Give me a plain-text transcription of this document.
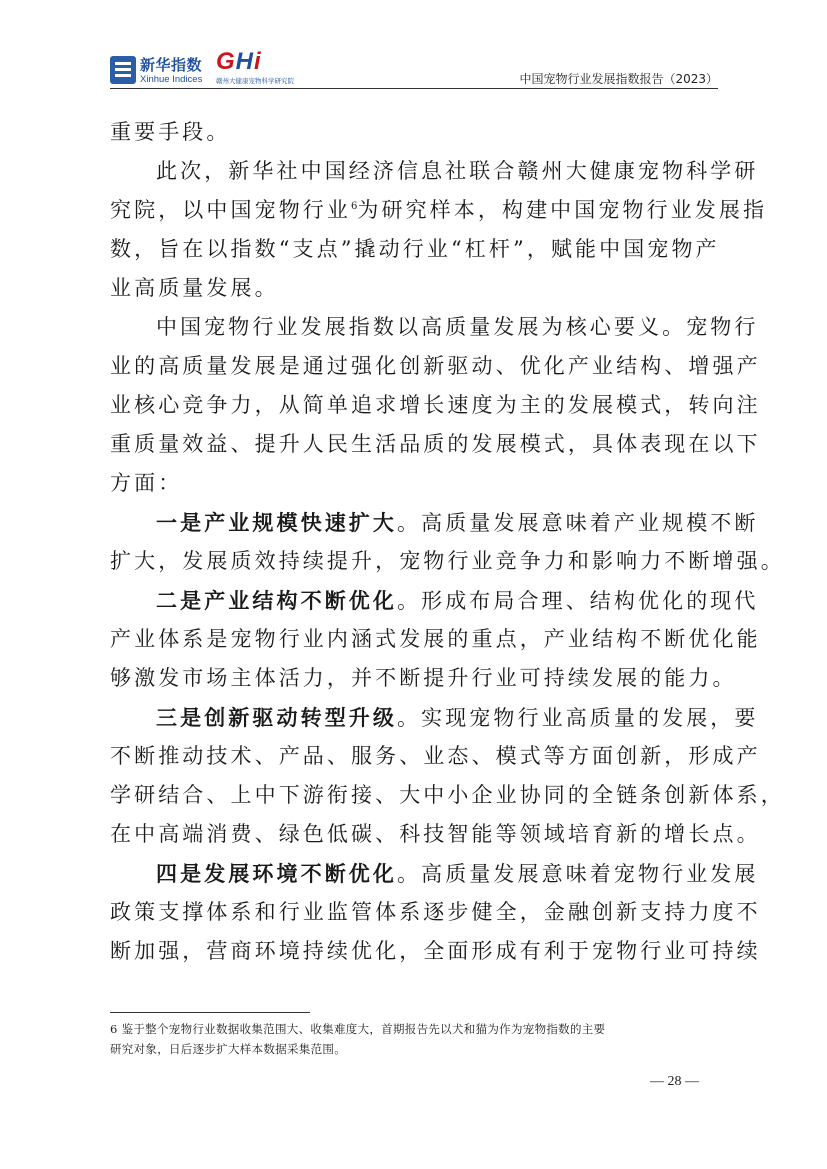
新华指数
Xinhue Indices
GHi
赣州大健康宠物科学研究院	中国宠物行业发展指数报告（2023）
重要手段。
此次，新华社中国经济信息社联合赣州大健康宠物科学研
究院，以中国宠物行业$^6$为研究样本，构建中国宠物行业发展指
数，旨在以指数“支点”撬动行业“杠杆”，赋能中国宠物产
业高质量发展。
中国宠物行业发展指数以高质量发展为核心要义。宠物行
业的高质量发展是通过强化创新驱动、优化产业结构、增强产
业核心竞争力，从简单追求增长速度为主的发展模式，转向注
重质量效益、提升人民生活品质的发展模式，具体表现在以下
方面：
一是产业规模快速扩大。高质量发展意味着产业规模不断
扩大，发展质效持续提升，宠物行业竞争力和影响力不断增强。
二是产业结构不断优化。形成布局合理、结构优化的现代
产业体系是宠物行业内涵式发展的重点，产业结构不断优化能
够激发市场主体活力，并不断提升行业可持续发展的能力。
三是创新驱动转型升级。实现宠物行业高质量的发展，要
不断推动技术、产品、服务、业态、模式等方面创新，形成产
学研结合、上中下游衔接、大中小企业协同的全链条创新体系，
在中高端消费、绿色低碳、科技智能等领域培育新的增长点。
四是发展环境不断优化。高质量发展意味着宠物行业发展
政策支撑体系和行业监管体系逐步健全，金融创新支持力度不
断加强，营商环境持续优化，全面形成有利于宠物行业可持续
6 鉴于整个宠物行业数据收集范围大、收集难度大，首期报告先以犬和猫为作为宠物指数的主要
研究对象，日后逐步扩大样本数据采集范围。
— 28 —
